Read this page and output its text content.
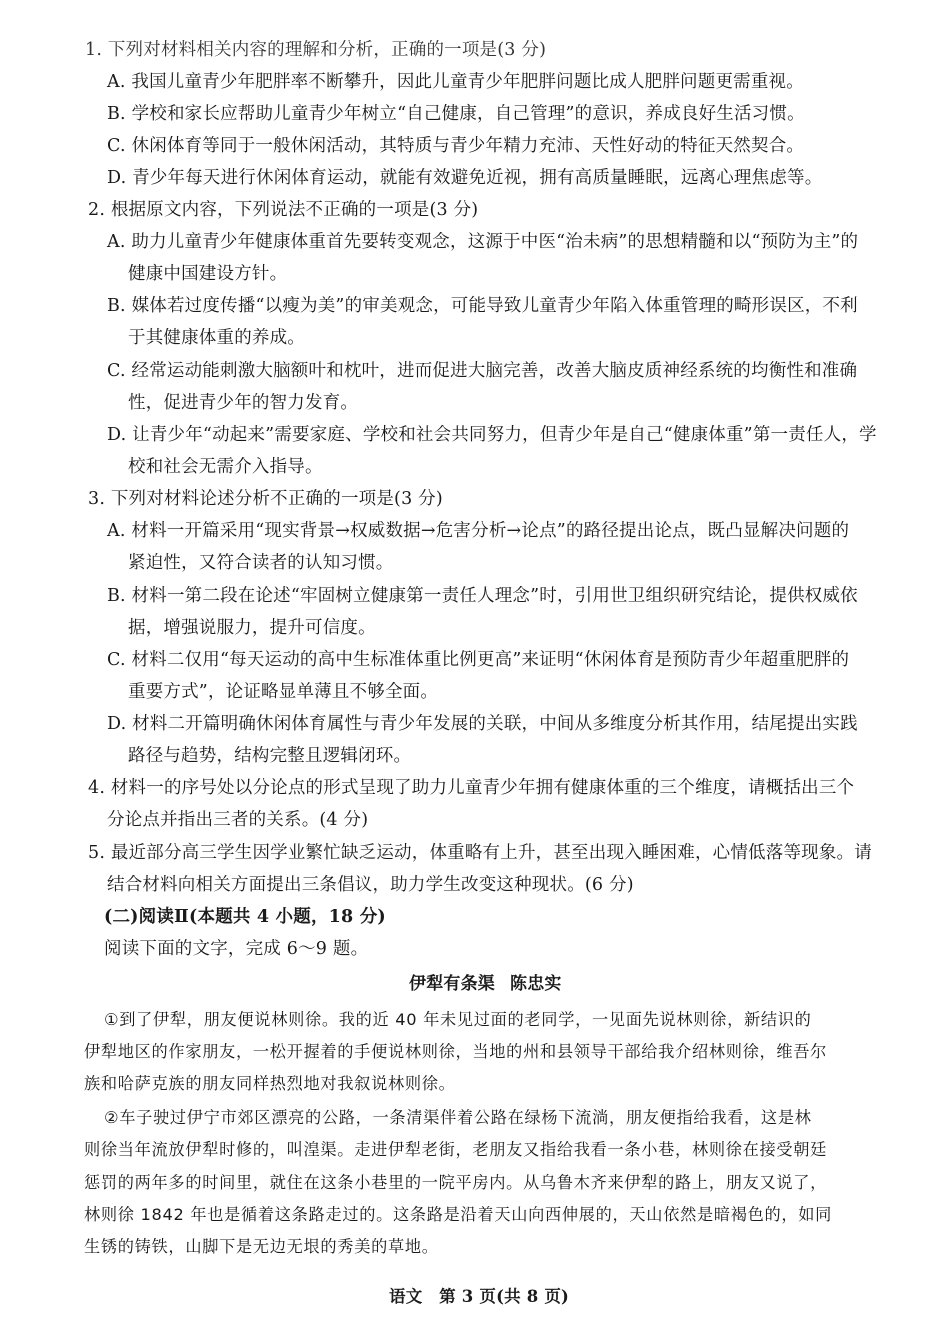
1. 下列对材料相关内容的理解和分析，正确的一项是(3 分)
A. 我国儿童青少年肥胖率不断攀升，因此儿童青少年肥胖问题比成人肥胖问题更需重视。
B. 学校和家长应帮助儿童青少年树立“自己健康，自己管理”的意识，养成良好生活习惯。
C. 休闲体育等同于一般休闲活动，其特质与青少年精力充沛、天性好动的特征天然契合。
D. 青少年每天进行休闲体育运动，就能有效避免近视，拥有高质量睡眠，远离心理焦虑等。
2. 根据原文内容，下列说法不正确的一项是(3 分)
A. 助力儿童青少年健康体重首先要转变观念，这源于中医“治未病”的思想精髓和以“预防为主”的
健康中国建设方针。
B. 媒体若过度传播“以瘦为美”的审美观念，可能导致儿童青少年陷入体重管理的畸形误区，不利
于其健康体重的养成。
C. 经常运动能刺激大脑额叶和枕叶，进而促进大脑完善，改善大脑皮质神经系统的均衡性和准确
性，促进青少年的智力发育。
D. 让青少年“动起来”需要家庭、学校和社会共同努力，但青少年是自己“健康体重”第一责任人，学
校和社会无需介入指导。
3. 下列对材料论述分析不正确的一项是(3 分)
A. 材料一开篇采用“现实背景→权威数据→危害分析→论点”的路径提出论点，既凸显解决问题的
紧迫性，又符合读者的认知习惯。
B. 材料一第二段在论述“牢固树立健康第一责任人理念”时，引用世卫组织研究结论，提供权威依
据，增强说服力，提升可信度。
C. 材料二仅用“每天运动的高中生标准体重比例更高”来证明“休闲体育是预防青少年超重肥胖的
重要方式”，论证略显单薄且不够全面。
D. 材料二开篇明确休闲体育属性与青少年发展的关联，中间从多维度分析其作用，结尾提出实践
路径与趋势，结构完整且逻辑闭环。
4. 材料一的序号处以分论点的形式呈现了助力儿童青少年拥有健康体重的三个维度，请概括出三个
分论点并指出三者的关系。(4 分)
5. 最近部分高三学生因学业繁忙缺乏运动，体重略有上升，甚至出现入睡困难，心情低落等现象。请
结合材料向相关方面提出三条倡议，助力学生改变这种现状。(6 分)
(二)阅读Ⅱ(本题共 4 小题，18 分)
阅读下面的文字，完成 6～9 题。
伊犁有条渠 陈忠实
①到了伊犁，朋友便说林则徐。我的近 40 年未见过面的老同学，一见面先说林则徐，新结识的
伊犁地区的作家朋友，一松开握着的手便说林则徐，当地的州和县领导干部给我介绍林则徐，维吾尔
族和哈萨克族的朋友同样热烈地对我叙说林则徐。
②车子驶过伊宁市郊区漂亮的公路，一条清渠伴着公路在绿杨下流淌，朋友便指给我看，这是林
则徐当年流放伊犁时修的，叫湟渠。走进伊犁老街，老朋友又指给我看一条小巷，林则徐在接受朝廷
惩罚的两年多的时间里，就住在这条小巷里的一院平房内。从乌鲁木齐来伊犁的路上，朋友又说了，
林则徐 1842 年也是循着这条路走过的。这条路是沿着天山向西伸展的，天山依然是暗褐色的，如同
生锈的铸铁，山脚下是无边无垠的秀美的草地。
语文　第 3 页(共 8 页)
